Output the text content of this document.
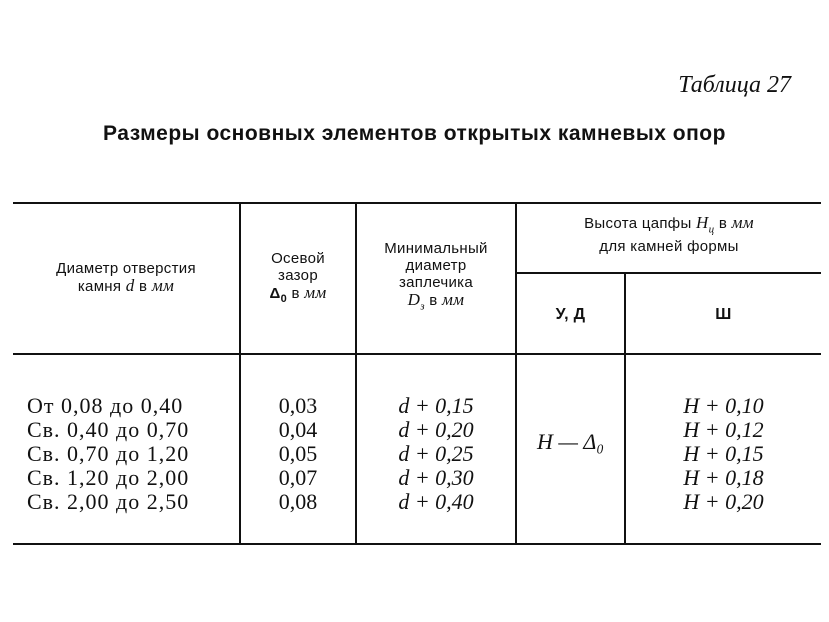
Таблица 27
Размеры основных элементов открытых камневых опор
Диаметр отверстия
камня d в мм
Осевой
зазор
$\Delta_0$ в мм
Минимальный
диаметр
заплечика
$D_з$ в мм
Высота цапфы $H_ц$ в мм
для камней формы
У, Д	Ш
От 0,08 до 0,40
Св. 0,40 до 0,70
Св. 0,70 до 1,20
Св. 1,20 до 2,00
Св. 2,00 до 2,50
0,03
0,04
0,05
0,07
0,08
d + 0,15
d + 0,20
d + 0,25
d + 0,30
d + 0,40
H — Δ₀
H + 0,10
H + 0,12
H + 0,15
H + 0,18
H + 0,20
